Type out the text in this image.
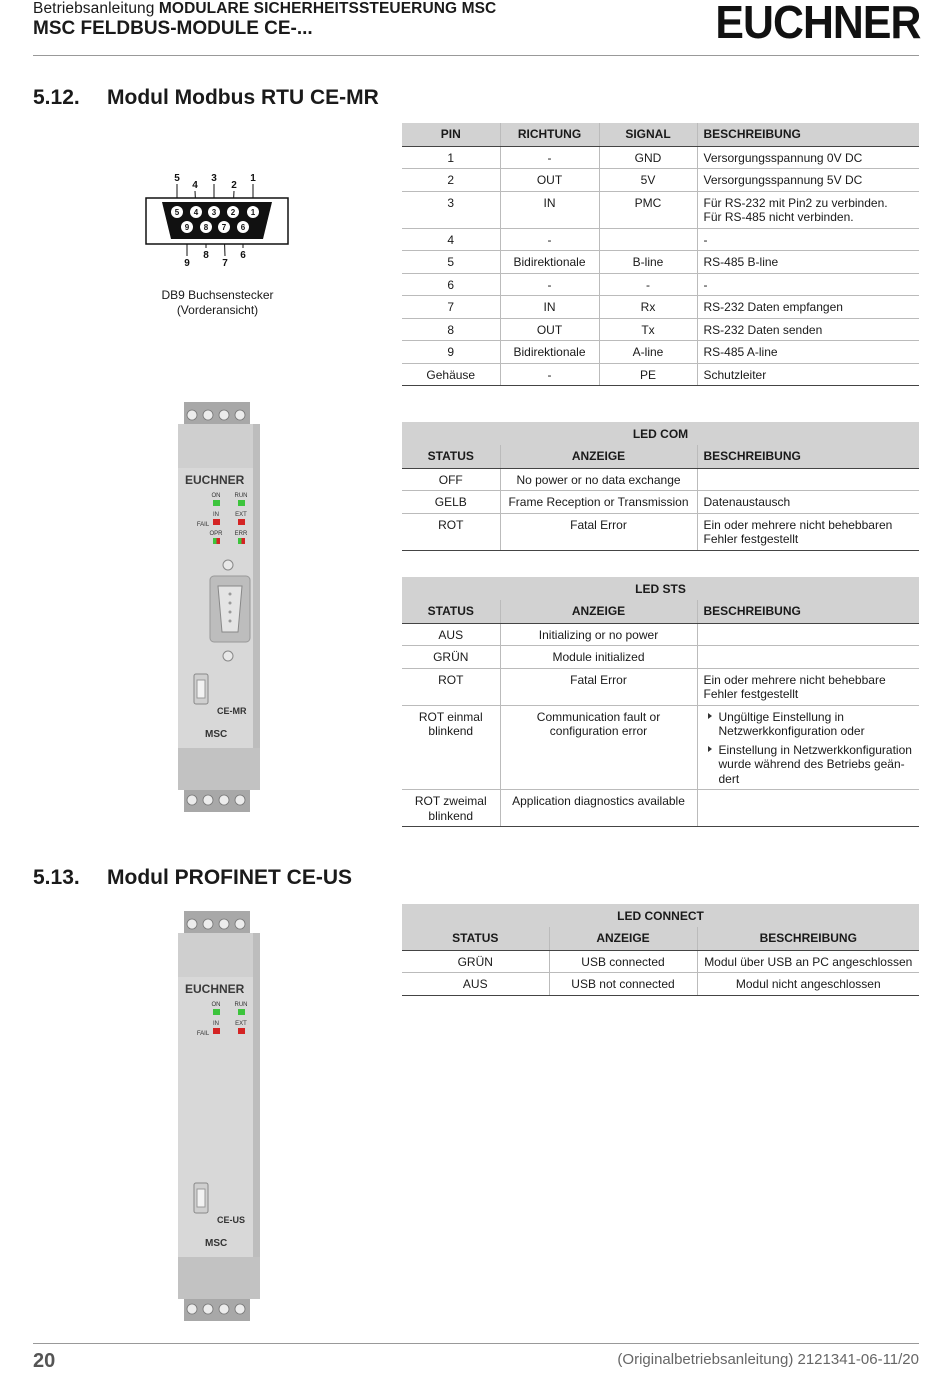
Betriebsanleitung MODULARE SICHERHEITSSTEUERUNG MSC
MSC FELDBUS-MODULE CE-...	EUCHNER
5.12. Modul Modbus RTU CE-MR
5
4
3
2
1
9
8
7
6
5 4 3 2 1
9 8 7 6
DB9 Buchsenstecker
(Vorderansicht)
PIN	RICHTUNG	SIGNAL	BESCHREIBUNG
1	-	GND	Versorgungsspannung 0V DC
2	OUT	5V	Versorgungsspannung 5V DC
3	IN	PMC	Für RS-232 mit Pin2 zu verbinden.
Für RS-485 nicht verbinden.
4	-		-
5	Bidirektionale	B-line	RS-485 B-line
6	-	-	-
7	IN	Rx	RS-232 Daten empfangen
8	OUT	Tx	RS-232 Daten senden
9	Bidirektionale	A-line	RS-485 A-line
Gehäuse	-	PE	Schutzleiter
LED COM		
STATUS	ANZEIGE	BESCHREIBUNG
OFF	No power or no data exchange	
GELB	Frame Reception or Transmission	Datenaustausch
ROT	Fatal Error	Ein oder mehrere nicht behebbaren Fehler festgestellt
LED STS		
STATUS	ANZEIGE	BESCHREIBUNG
AUS	Initializing or no power	
GRÜN	Module initialized	
ROT	Fatal Error	Ein oder mehrere nicht behebbare Fehler festgestellt
ROT einmal blinkend	Communication fault or configuration error	Ungültige Einstellung in Netzwerkkonfiguration oder
Einstellung in Netzwerkkonfiguration wurde während des Betriebs geändert

ROT zweimal blinkend	Application diagnostics available	
EUCHNER
ON RUN
IN	EXT
FAIL
OPR ERR
CE-MR
MSC
5.13. Modul PROFINET CE-US
LED CONNECT		
STATUS	ANZEIGE	BESCHREIBUNG
GRÜN	USB connected	Modul über USB an PC angeschlossen
AUS	USB not connected	Modul nicht angeschlossen
EUCHNER
ON RUN
IN	EXT
FAIL
CE-US
MSC
20	(Originalbetriebsanleitung) 2121341-06-11/20
